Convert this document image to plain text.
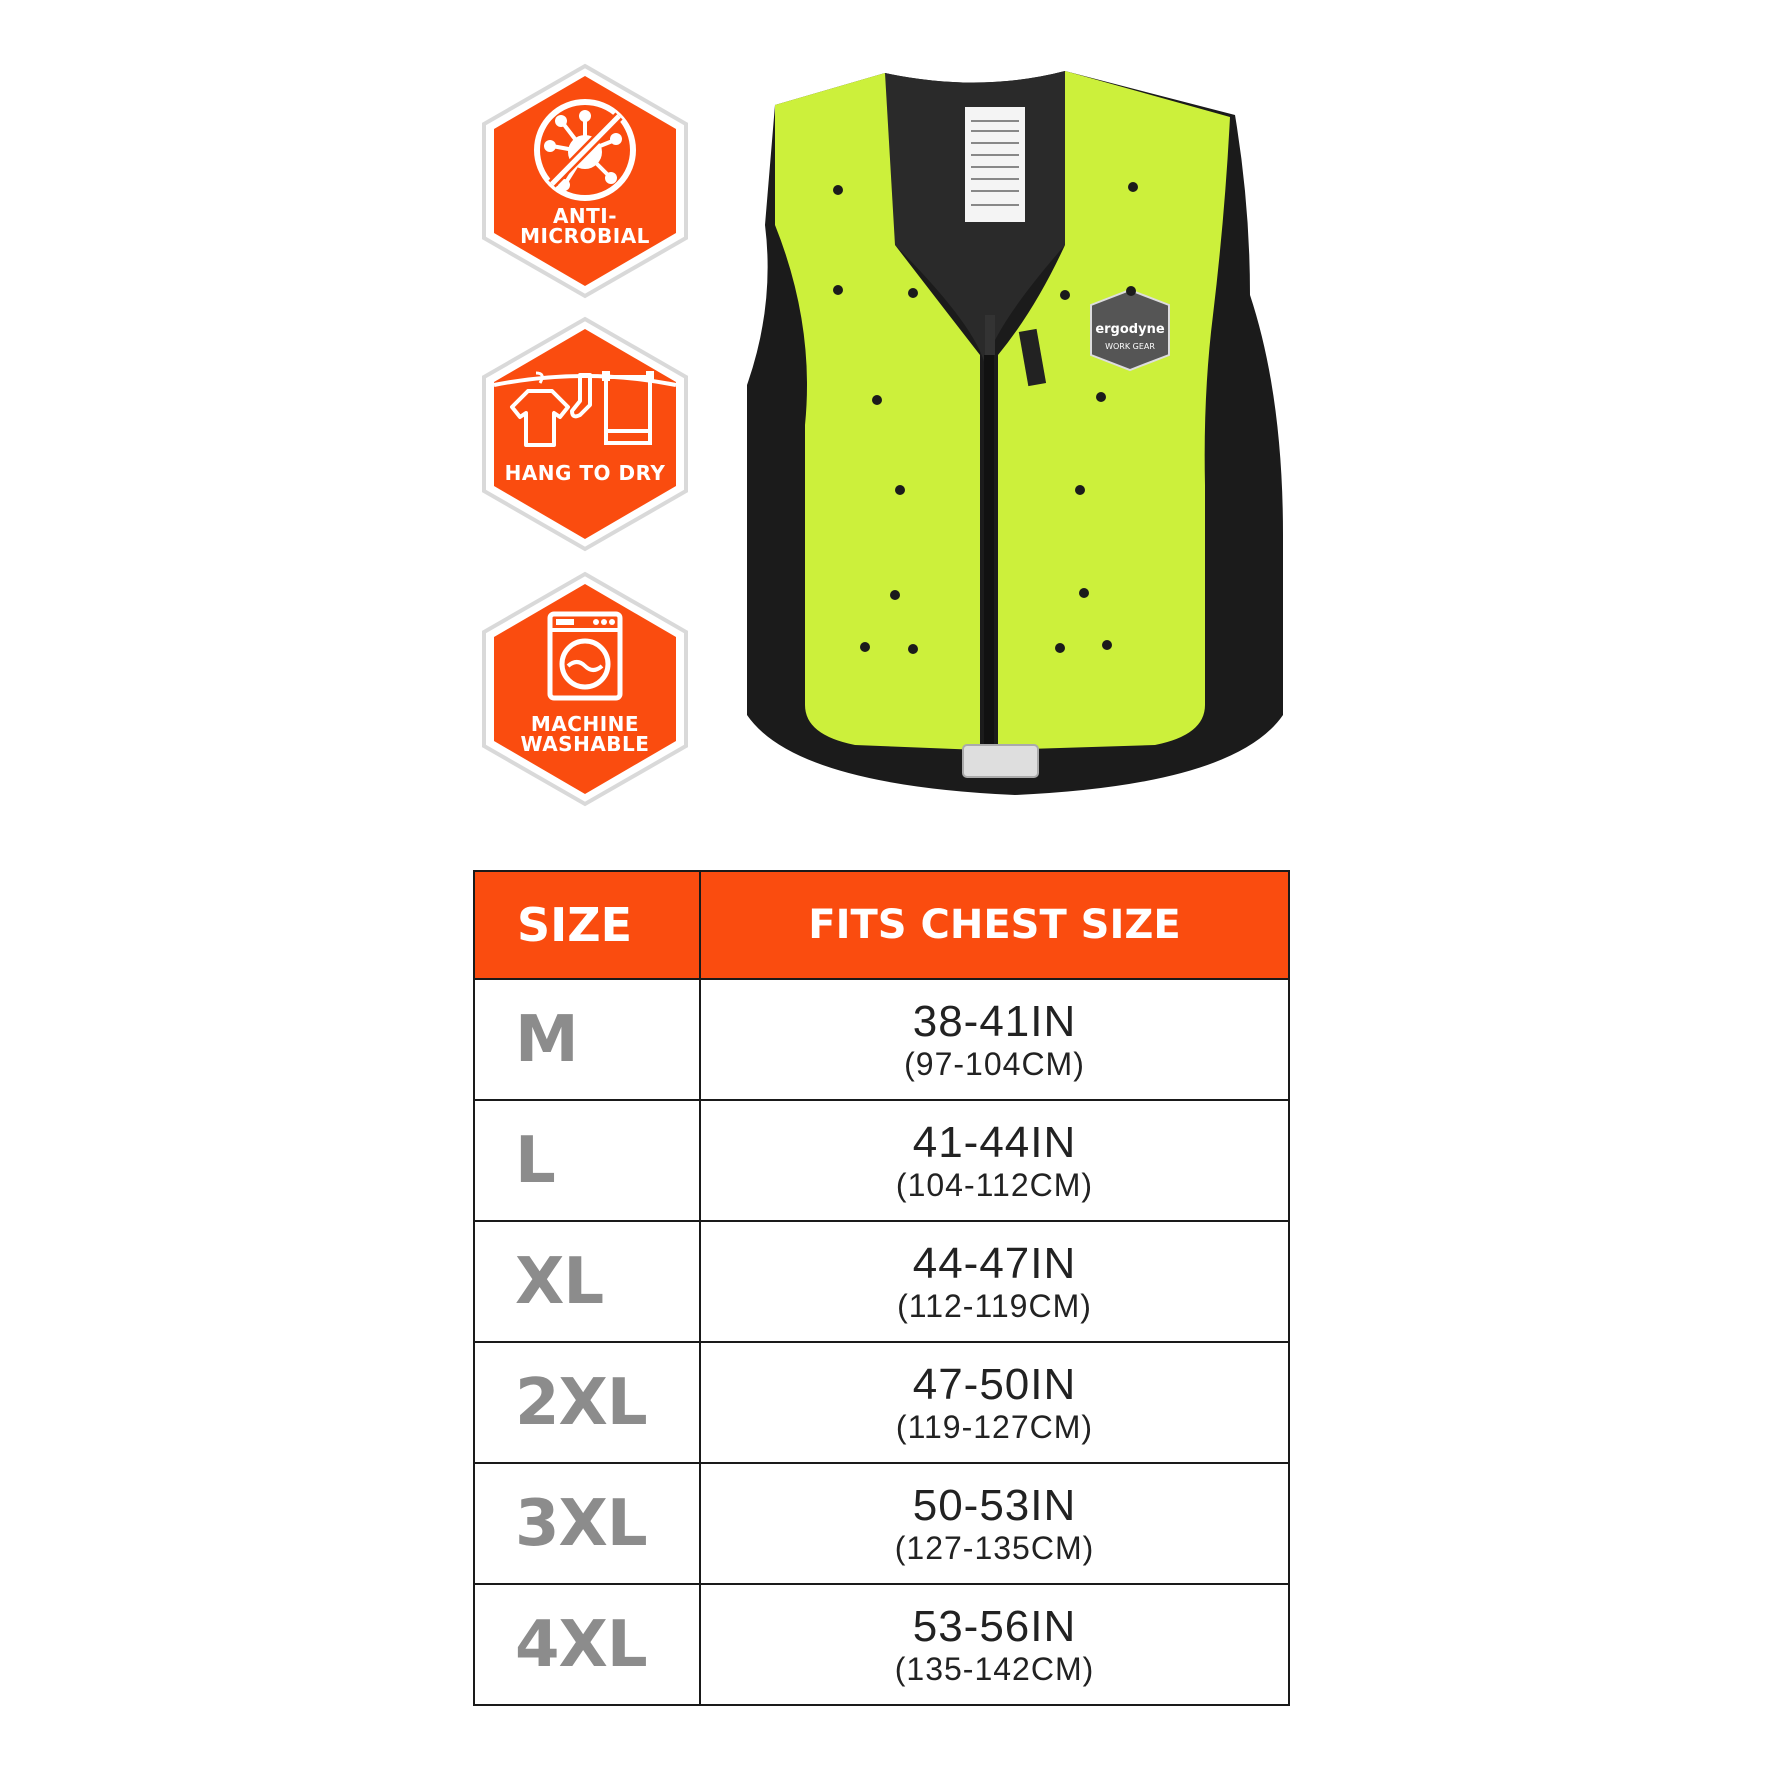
ANTI-
MICROBIAL
HANG TO DRY
MACHINE
WASHABLE
ergodyne
WORK GEAR
SIZE	FITS CHEST SIZE
M	38-41IN
(97-104CM)

L	41-44IN
(104-112CM)

XL	44-47IN
(112-119CM)

2XL	47-50IN
(119-127CM)

3XL	50-53IN
(127-135CM)

4XL	53-56IN
(135-142CM)
